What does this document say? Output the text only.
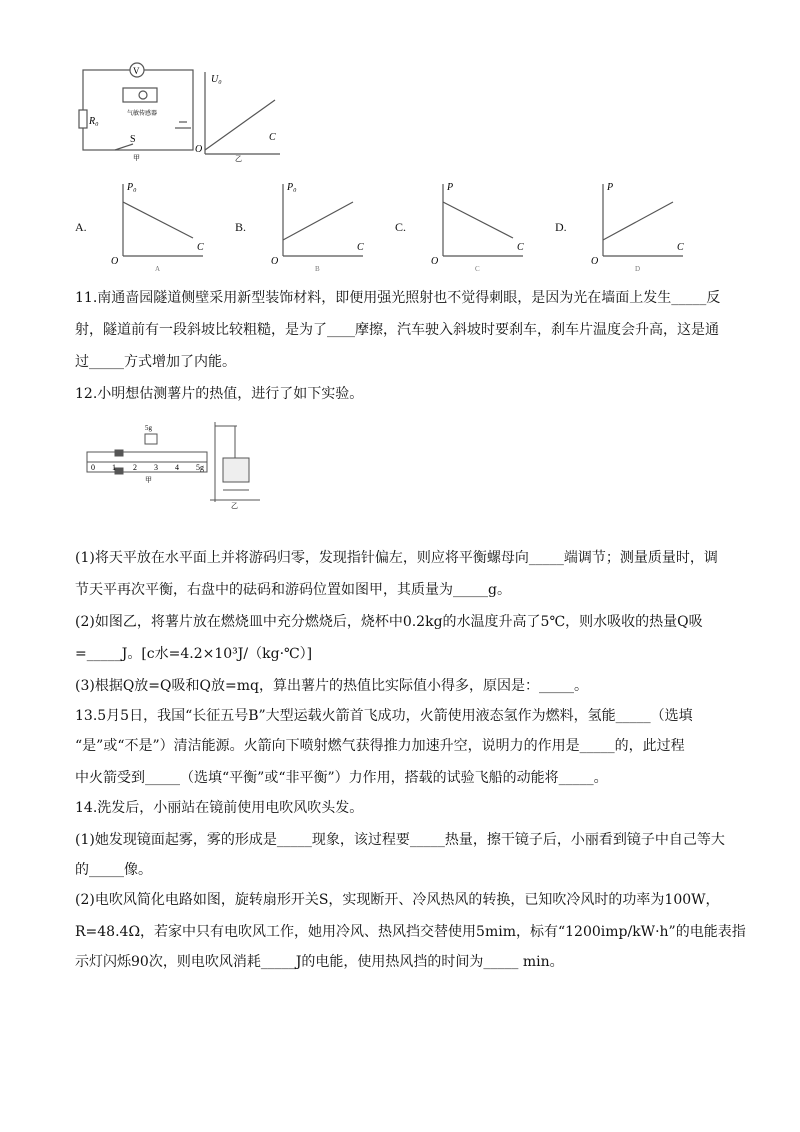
V
气敏传感器
R₀
S
甲
U₀
C
O
乙
A.
P₀
C
O
A
B.
P₀
C
O
B
C.
P
C
O
C
D.
P
C
O
D
11.南通啬园隧道侧壁采用新型装饰材料，即便用强光照射也不觉得刺眼，是因为光在墙面上发生_____反
射，隧道前有一段斜坡比较粗糙，是为了____摩擦，汽车驶入斜坡时要刹车，刹车片温度会升高，这是通
过_____方式增加了内能。
12.小明想估测薯片的热值，进行了如下实验。
(1)将天平放在水平面上并将游码归零，发现指针偏左，则应将平衡螺母向_____端调节；测量质量时，调
节天平再次平衡，右盘中的砝码和游码位置如图甲，其质量为_____g。
(2)如图乙，将薯片放在燃烧皿中充分燃烧后，烧杯中0.2kg的水温度升高了5℃，则水吸收的热量Q吸
=_____J。[c水=4.2×10³J/（kg·℃）]
(3)根据Q放=Q吸和Q放=mq，算出薯片的热值比实际值小得多，原因是：_____。
13.5月5日，我国“长征五号B”大型运载火箭首飞成功，火箭使用液态氢作为燃料，氢能_____（选填
“是”或“不是”）清洁能源。火箭向下喷射燃气获得推力加速升空，说明力的作用是_____的，此过程
中火箭受到_____（选填“平衡”或“非平衡”）力作用，搭载的试验飞船的动能将_____。
14.洗发后，小丽站在镜前使用电吹风吹头发。
(1)她发现镜面起雾，雾的形成是_____现象，该过程要_____热量，擦干镜子后，小丽看到镜子中自己等大
的_____像。
(2)电吹风简化电路如图，旋转扇形开关S，实现断开、冷风热风的转换，已知吹冷风时的功率为100W，
R=48.4Ω，若家中只有电吹风工作，她用冷风、热风挡交替使用5mim，标有“1200imp/kW·h”的电能表指
示灯闪烁90次，则电吹风消耗_____J的电能，使用热风挡的时间为_____ min。
5g
0 1 2 3 4 5g
甲
乙
